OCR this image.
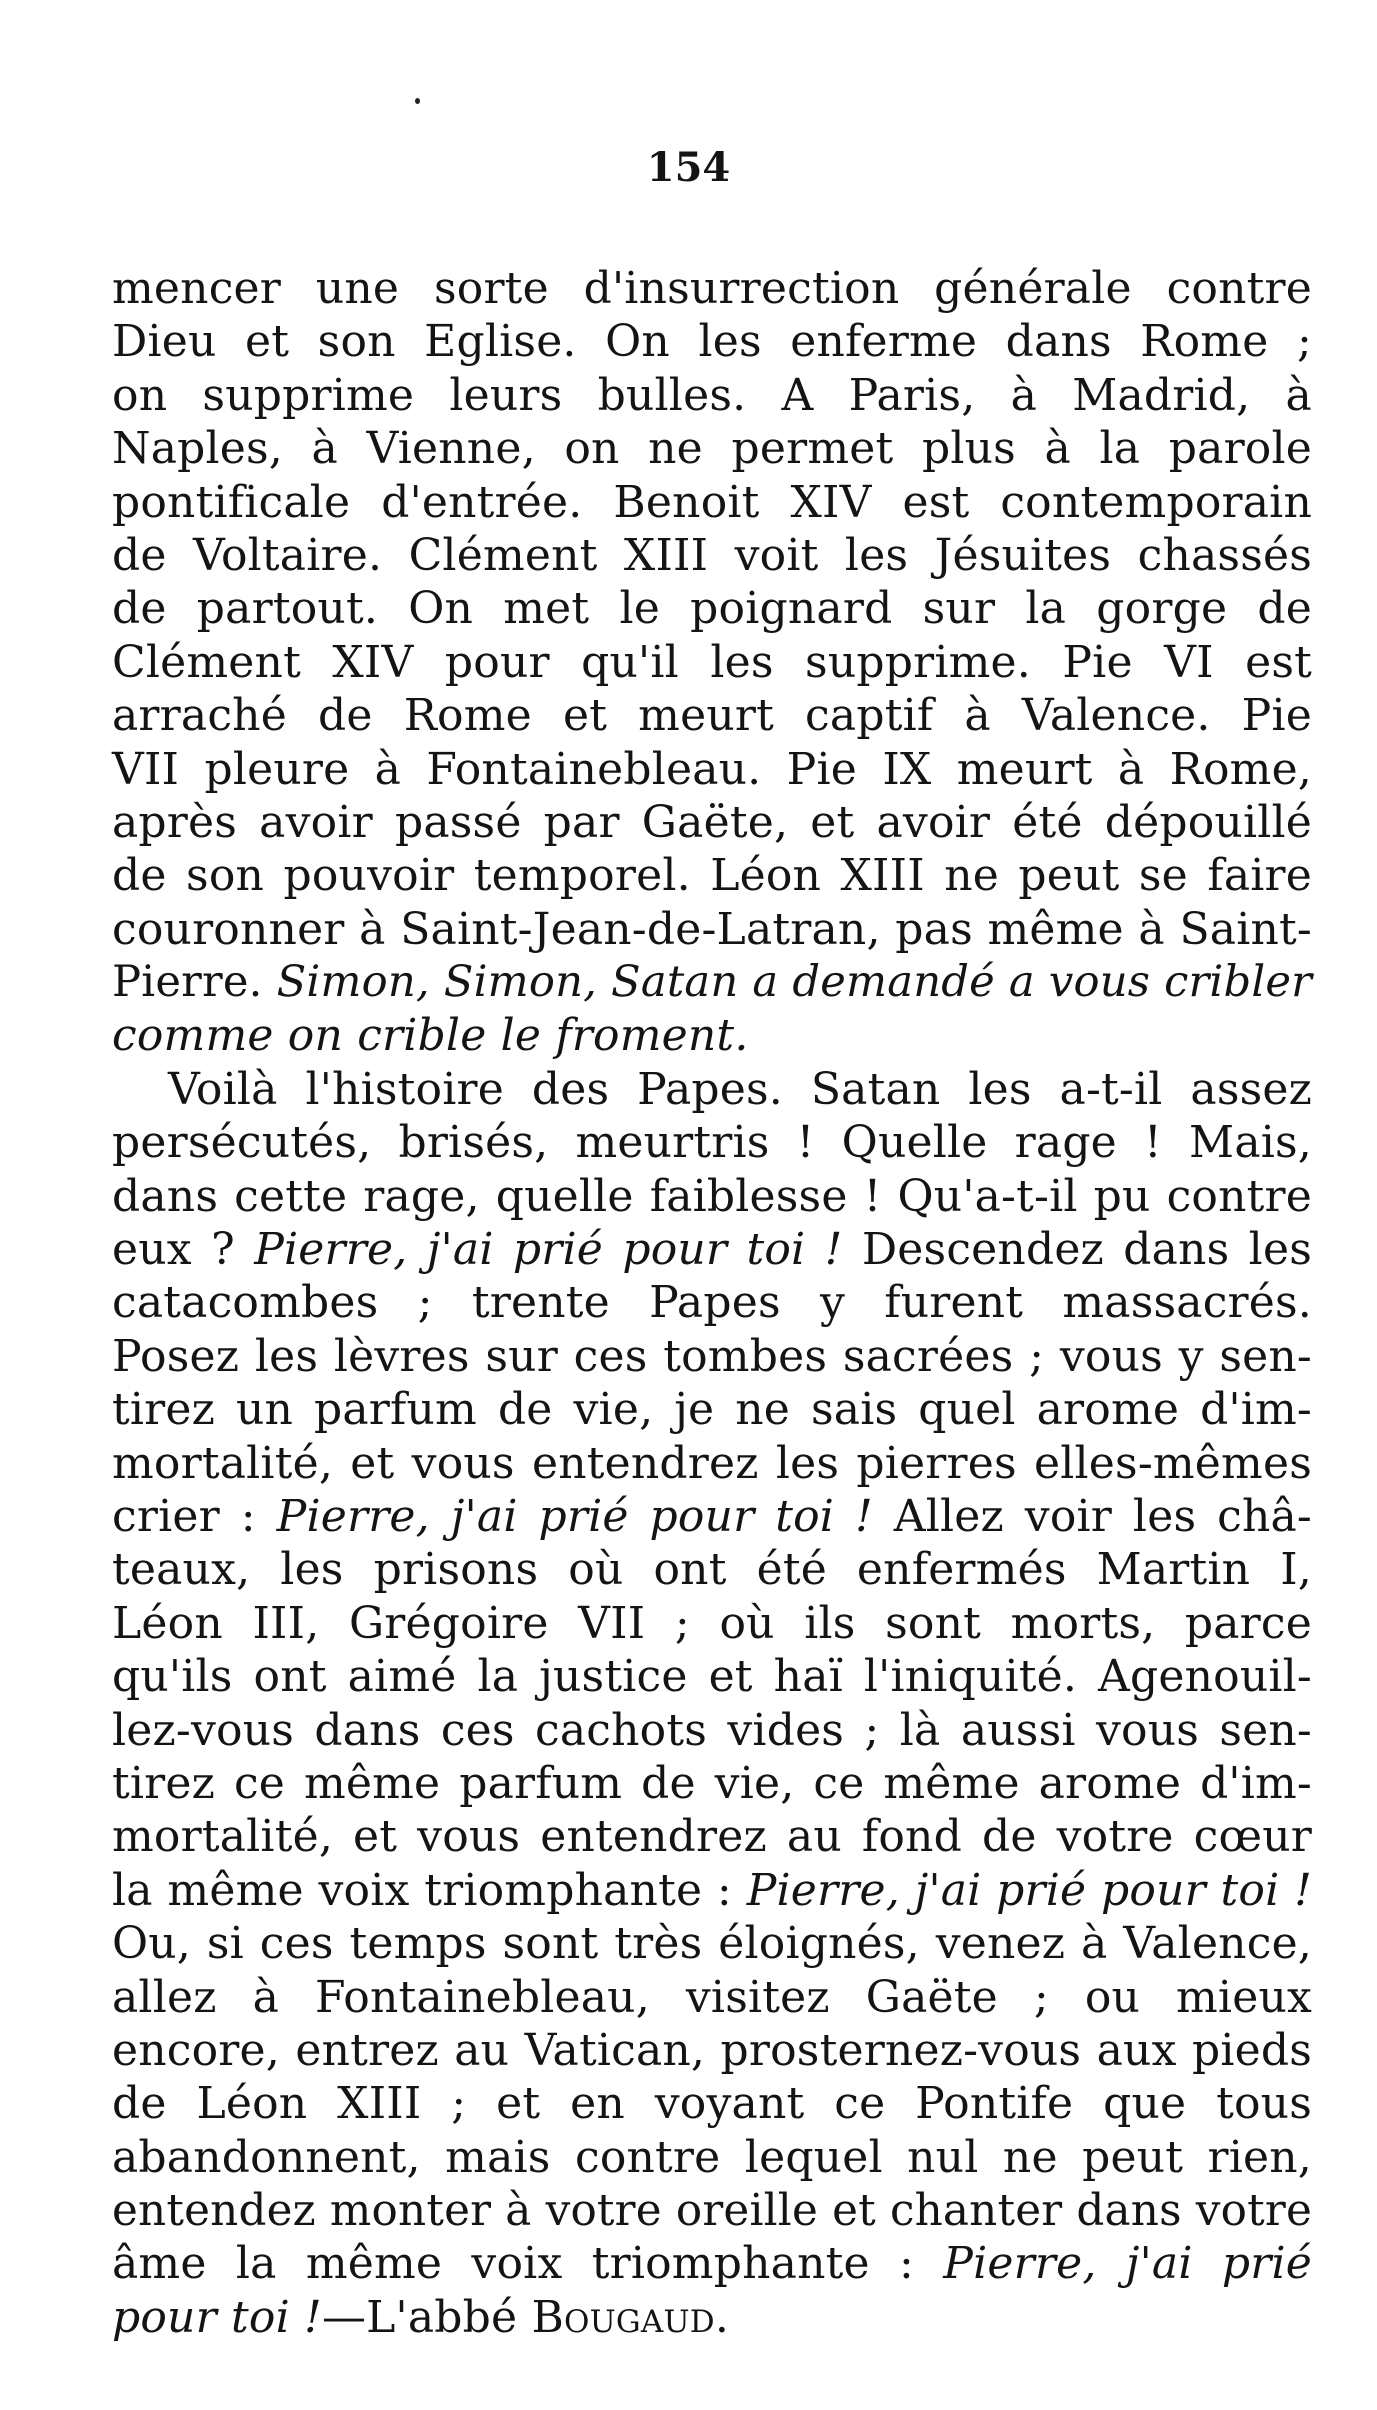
154
mencer une sorte d'insurrection générale contre
Dieu et son Eglise. On les enferme dans Rome ;
on supprime leurs bulles. A Paris, à Madrid, à
Naples, à Vienne, on ne permet plus à la parole
pontificale d'entrée. Benoit XIV est contemporain
de Voltaire. Clément XIII voit les Jésuites chassés
de partout. On met le poignard sur la gorge de
Clément XIV pour qu'il les supprime. Pie VI est
arraché de Rome et meurt captif à Valence. Pie
VII pleure à Fontainebleau. Pie IX meurt à Rome,
après avoir passé par Gaëte, et avoir été dépouillé
de son pouvoir temporel. Léon XIII ne peut se faire
couronner à Saint-Jean-de-Latran, pas même à Saint-
Pierre. Simon, Simon, Satan a demandé a vous cribler
comme on crible le froment.
Voilà l'histoire des Papes. Satan les a-t-il assez
persécutés, brisés, meurtris ! Quelle rage ! Mais,
dans cette rage, quelle faiblesse ! Qu'a-t-il pu contre
eux ? Pierre, j'ai prié pour toi ! Descendez dans les
catacombes ; trente Papes y furent massacrés.
Posez les lèvres sur ces tombes sacrées ; vous y sen-
tirez un parfum de vie, je ne sais quel arome d'im-
mortalité, et vous entendrez les pierres elles-mêmes
crier : Pierre, j'ai prié pour toi ! Allez voir les châ-
teaux, les prisons où ont été enfermés Martin I,
Léon III, Grégoire VII ; où ils sont morts, parce
qu'ils ont aimé la justice et haï l'iniquité. Agenouil-
lez-vous dans ces cachots vides ; là aussi vous sen-
tirez ce même parfum de vie, ce même arome d'im-
mortalité, et vous entendrez au fond de votre cœur
la même voix triomphante : Pierre, j'ai prié pour toi !
Ou, si ces temps sont très éloignés, venez à Valence,
allez à Fontainebleau, visitez Gaëte ; ou mieux
encore, entrez au Vatican, prosternez-vous aux pieds
de Léon XIII ; et en voyant ce Pontife que tous
abandonnent, mais contre lequel nul ne peut rien,
entendez monter à votre oreille et chanter dans votre
âme la même voix triomphante : Pierre, j'ai prié
pour toi !—L'abbé Bougaud.
